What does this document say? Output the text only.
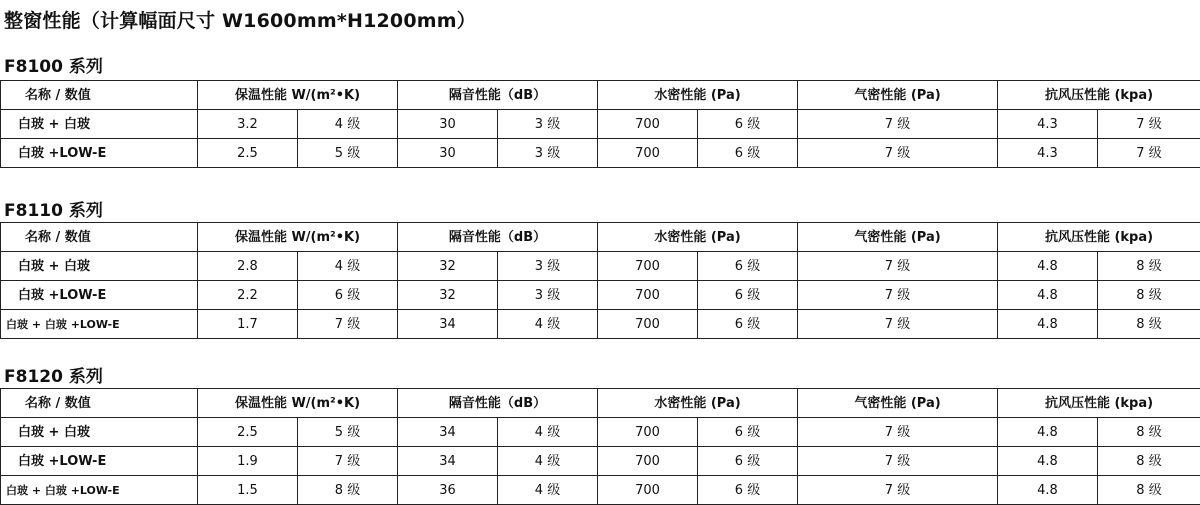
整窗性能（计算幅面尺寸 W1600mm*H1200mm）
F8100 系列
名称 / 数值	保温性能 W/(m²•K)		隔音性能（dB）		水密性能 (Pa)		气密性能 (Pa)	抗风压性能 (kpa)	
白玻 + 白玻	3.2	4 级	30	3 级	700	6 级	7 级	4.3	7 级
白玻 +LOW-E	2.5	5 级	30	3 级	700	6 级	7 级	4.3	7 级
F8110 系列
名称 / 数值	保温性能 W/(m²•K)		隔音性能（dB）		水密性能 (Pa)		气密性能 (Pa)	抗风压性能 (kpa)	
白玻 + 白玻	2.8	4 级	32	3 级	700	6 级	7 级	4.8	8 级
白玻 +LOW-E	2.2	6 级	32	3 级	700	6 级	7 级	4.8	8 级
白玻 + 白玻 +LOW-E	1.7	7 级	34	4 级	700	6 级	7 级	4.8	8 级
F8120 系列
名称 / 数值	保温性能 W/(m²•K)		隔音性能（dB）		水密性能 (Pa)		气密性能 (Pa)	抗风压性能 (kpa)	
白玻 + 白玻	2.5	5 级	34	4 级	700	6 级	7 级	4.8	8 级
白玻 +LOW-E	1.9	7 级	34	4 级	700	6 级	7 级	4.8	8 级
白玻 + 白玻 +LOW-E	1.5	8 级	36	4 级	700	6 级	7 级	4.8	8 级
